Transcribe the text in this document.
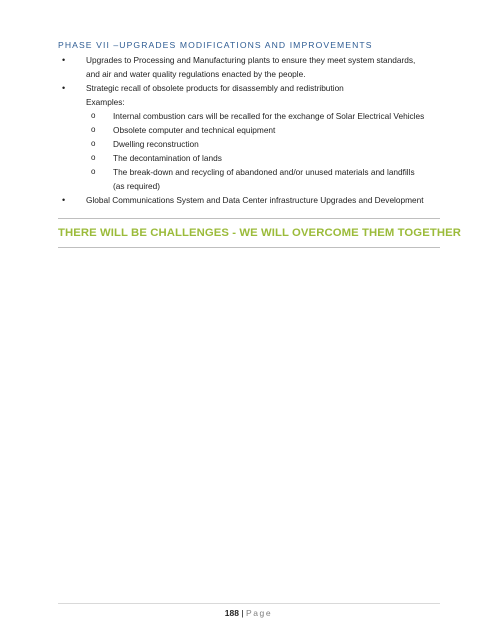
PHASE VII –UPGRADES MODIFICATIONS AND IMPROVEMENTS
•	Upgrades to Processing and Manufacturing plants to ensure they meet system standards,
and air and water quality regulations enacted by the people.
•	Strategic recall of obsolete products for disassembly and redistribution
Examples:
o Internal combustion cars will be recalled for the exchange of Solar Electrical Vehicles
o Obsolete computer and technical equipment
o Dwelling reconstruction
o The decontamination of lands
o The break-down and recycling of abandoned and/or unused materials and landfills
(as required)
•	Global Communications System and Data Center infrastructure Upgrades and Development
THERE WILL BE CHALLENGES - WE WILL OVERCOME THEM TOGETHER
188 | Page
